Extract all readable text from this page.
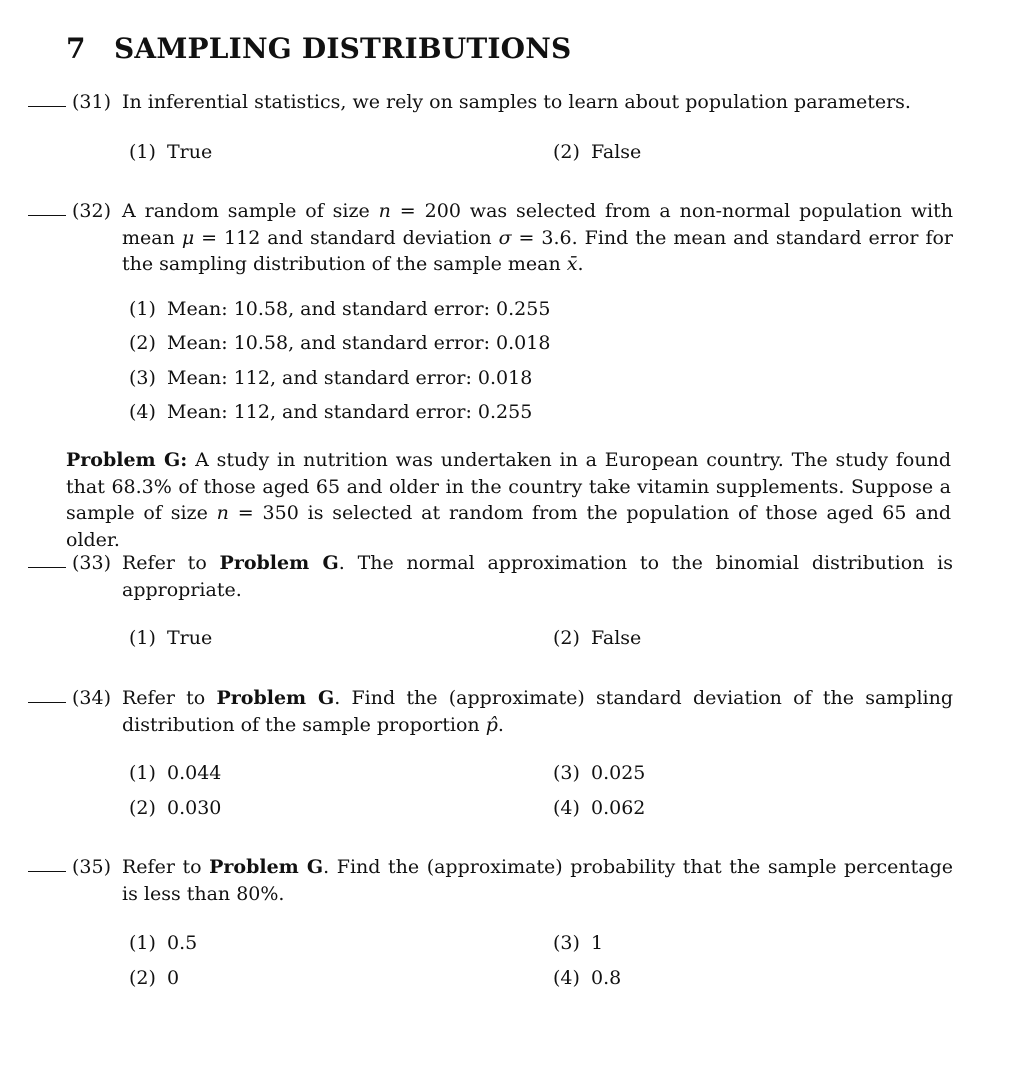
7 SAMPLING DISTRIBUTIONS
(31) In inferential statistics, we rely on samples to learn about population parameters.
(1) True	(2) False
(32) A random sample of size n = 200 was selected from a non-normal population with mean μ = 112 and standard deviation σ = 3.6. Find the mean and standard error for the sampling distribution of the sample mean x̄.
(1) Mean: 10.58, and standard error: 0.255
(2) Mean: 10.58, and standard error: 0.018
(3) Mean: 112, and standard error: 0.018
(4) Mean: 112, and standard error: 0.255

Problem G: A study in nutrition was undertaken in a European country. The study found that 68.3% of those aged 65 and older in the country take vitamin supplements. Suppose a sample of size n = 350 is selected at random from the population of those aged 65 and older.

(33) Refer to Problem G. The normal approximation to the binomial distribution is appropriate.
(1) True	(2) False
(34) Refer to Problem G. Find the (approximate) standard deviation of the sampling distribution of the sample proportion p̂.
(1) 0.044	(3) 0.025
(2) 0.030	(4) 0.062
(35) Refer to Problem G. Find the (approximate) probability that the sample percentage is less than 80%.
(1) 0.5	(3) 1
(2) 0	(4) 0.8
